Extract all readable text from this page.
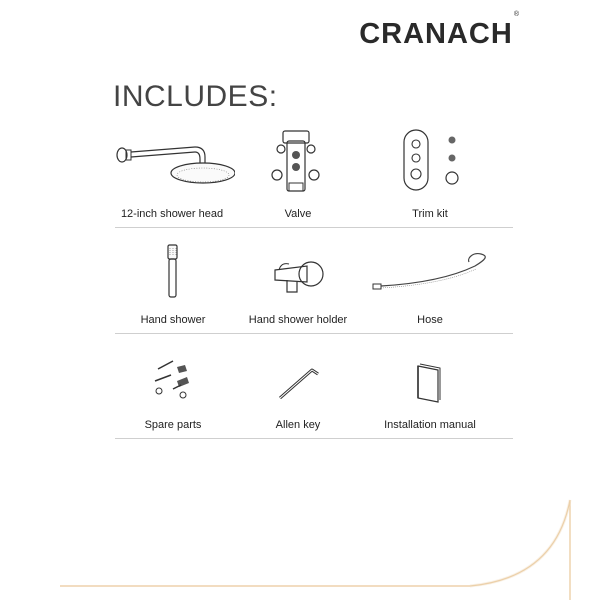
CRANACH®
INCLUDES:
12-inch shower head	Valve	Trim kit
Hand shower	Hand shower holder	Hose
Spare parts	Allen key	Installation manual
